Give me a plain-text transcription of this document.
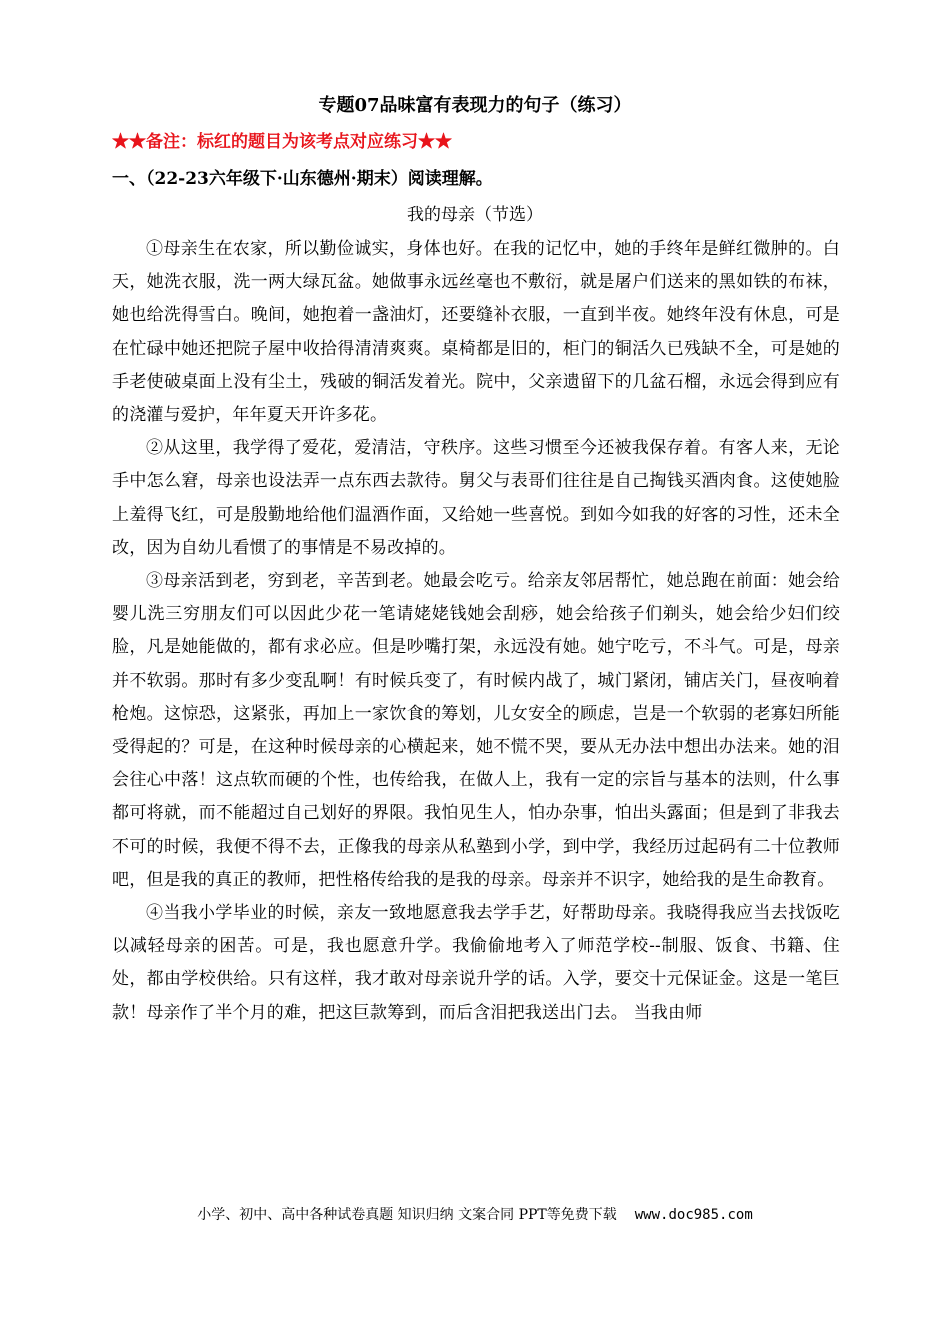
专题07品味富有表现力的句子（练习）
★★备注：标红的题目为该考点对应练习★★
一、（22-23六年级下·山东德州·期末）阅读理解。
我的母亲（节选）

①母亲生在农家，所以勤俭诚实，身体也好。在我的记忆中，她的手终年是鲜红微肿的。白天，她洗衣服，洗一两大绿瓦盆。她做事永远丝毫也不敷衍，就是屠户们送来的黑如铁的布袜，她也给洗得雪白。晚间，她抱着一盏油灯，还要缝补衣服，一直到半夜。她终年没有休息，可是在忙碌中她还把院子屋中收拾得清清爽爽。桌椅都是旧的，柜门的铜活久已残缺不全，可是她的手老使破桌面上没有尘土，残破的铜活发着光。院中，父亲遗留下的几盆石榴，永远会得到应有的浇灌与爱护，年年夏天开许多花。

②从这里，我学得了爱花，爱清洁，守秩序。这些习惯至今还被我保存着。有客人来，无论手中怎么窘，母亲也设法弄一点东西去款待。舅父与表哥们往往是自己掏钱买酒肉食。这使她脸上羞得飞红，可是殷勤地给他们温酒作面，又给她一些喜悦。到如今如我的好客的习性，还未全改，因为自幼儿看惯了的事情是不易改掉的。

③母亲活到老，穷到老，辛苦到老。她最会吃亏。给亲友邻居帮忙，她总跑在前面：她会给婴儿洗三穷朋友们可以因此少花一笔请姥姥钱她会刮痧，她会给孩子们剃头，她会给少妇们绞脸，凡是她能做的，都有求必应。但是吵嘴打架，永远没有她。她宁吃亏，不斗气。可是，母亲并不软弱。那时有多少变乱啊！有时候兵变了，有时候内战了，城门紧闭，铺店关门，昼夜响着枪炮。这惊恐，这紧张，再加上一家饮食的筹划，儿女安全的顾虑，岂是一个软弱的老寡妇所能受得起的？可是，在这种时候母亲的心横起来，她不慌不哭，要从无办法中想出办法来。她的泪会往心中落！这点软而硬的个性，也传给我，在做人上，我有一定的宗旨与基本的法则，什么事都可将就，而不能超过自己划好的界限。我怕见生人，怕办杂事，怕出头露面；但是到了非我去不可的时候，我便不得不去，正像我的母亲从私塾到小学，到中学，我经历过起码有二十位教师吧，但是我的真正的教师，把性格传给我的是我的母亲。母亲并不识字，她给我的是生命教育。

④当我小学毕业的时候，亲友一致地愿意我去学手艺，好帮助母亲。我晓得我应当去找饭吃以减轻母亲的困苦。可是，我也愿意升学。我偷偷地考入了师范学校--制服、饭食、书籍、住处，都由学校供给。只有这样，我才敢对母亲说升学的话。入学，要交十元保证金。这是一笔巨款！母亲作了半个月的难，把这巨款筹到，而后含泪把我送出门去。 当我由师

小学、初中、高中各种试卷真题 知识归纳 文案合同 PPT等免费下载 www.doc985.com
